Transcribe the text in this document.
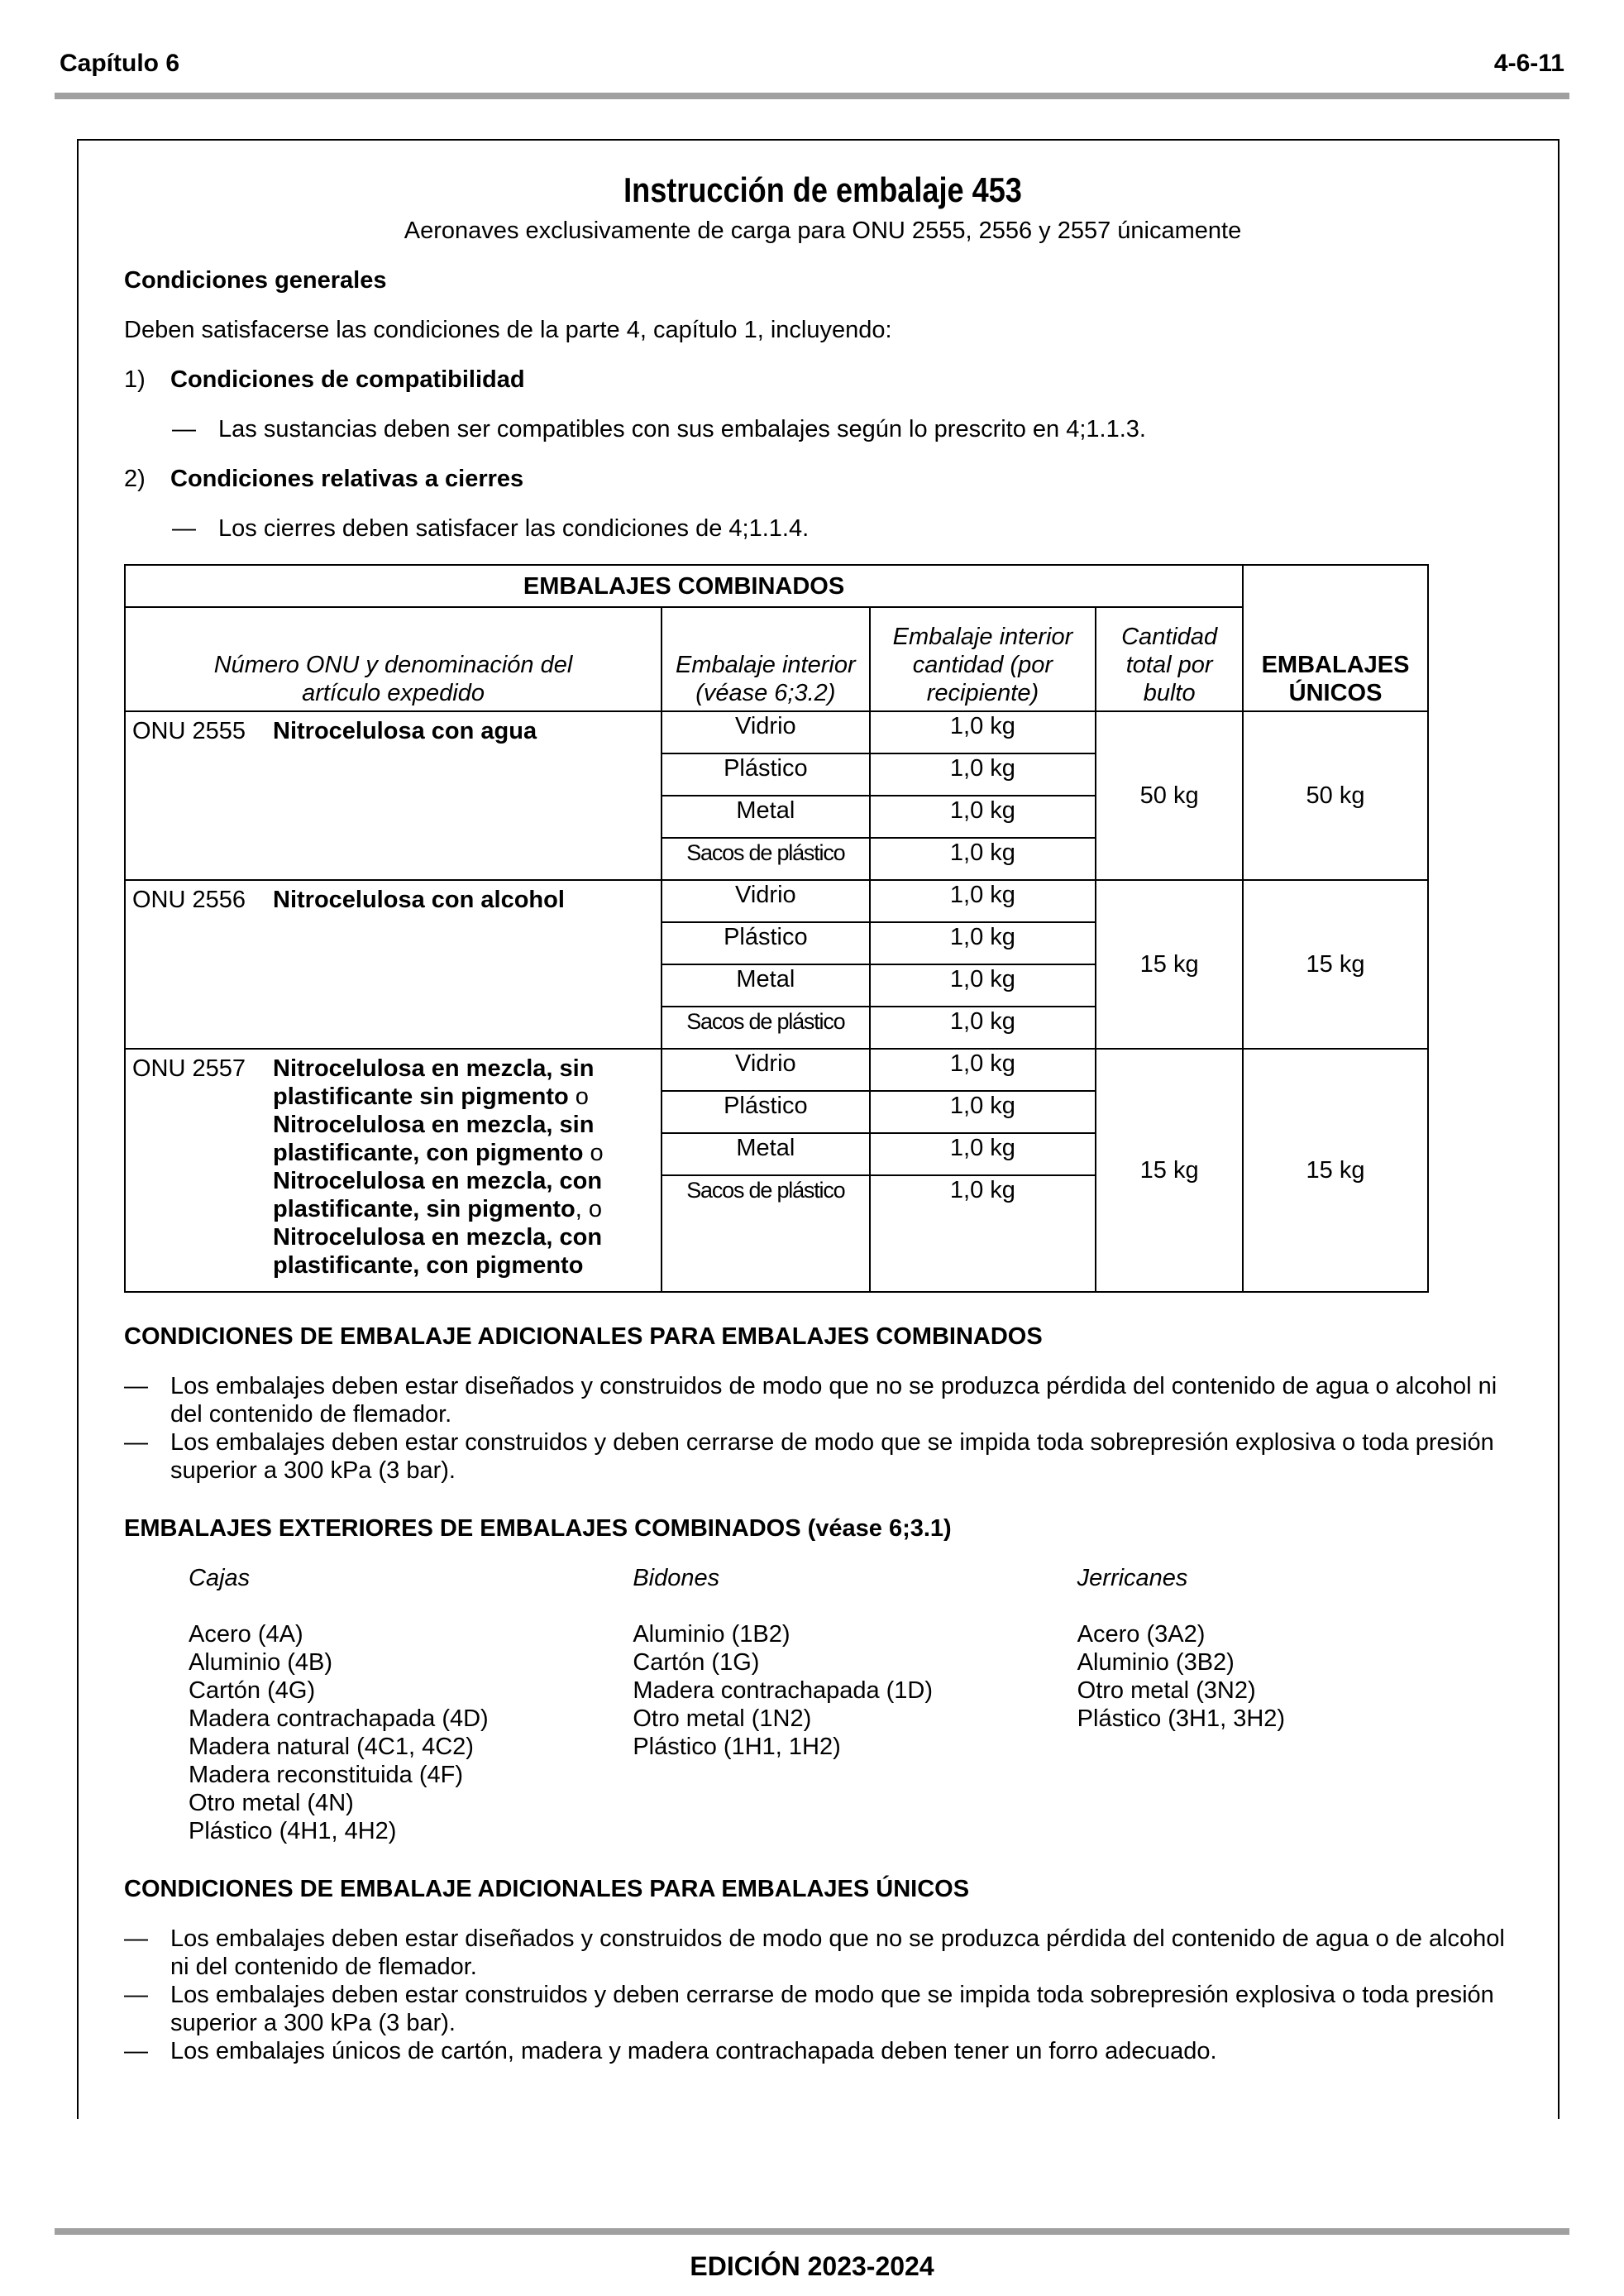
Capítulo 6	4-6-11
Instrucción de embalaje 453
Aeronaves exclusivamente de carga para ONU 2555, 2556 y 2557 únicamente
Condiciones generales
Deben satisfacerse las condiciones de la parte 4, capítulo 1, incluyendo:
1)	Condiciones de compatibilidad
— Las sustancias deben ser compatibles con sus embalajes según lo prescrito en 4;1.1.3.
2)	Condiciones relativas a cierres
— Los cierres deben satisfacer las condiciones de 4;1.1.4.
EMBALAJES COMBINADOS				EMBALAJES ÚNICOS
Número ONU y denominación del artículo expedido	Embalaje interior (véase 6;3.2)	Embalaje interior cantidad (por recipiente)	Cantidad total por bulto	

ONU 2555 Nitrocelulosa con agua	Vidrio	1,0 kg	50 kg	50 kg
	Plástico	1,0 kg		
	Metal	1,0 kg		
	Sacos de plástico	1,0 kg		

ONU 2556 Nitrocelulosa con alcohol	Vidrio	1,0 kg	15 kg	15 kg
	Plástico	1,0 kg		
	Metal	1,0 kg		
	Sacos de plástico	1,0 kg		

ONU 2557 Nitrocelulosa en mezcla, sin plastificante sin pigmento o Nitrocelulosa en mezcla, sin plastificante, con pigmento o Nitrocelulosa en mezcla, con plastificante, sin pigmento, o Nitrocelulosa en mezcla, con plastificante, con pigmento	Vidrio	1,0 kg	15 kg	15 kg
	Plástico	1,0 kg		
	Metal	1,0 kg		
	Sacos de plástico	1,0 kg		

CONDICIONES DE EMBALAJE ADICIONALES PARA EMBALAJES COMBINADOS
— Los embalajes deben estar diseñados y construidos de modo que no se produzca pérdida del contenido de agua o alcohol ni del contenido de flemador.
— Los embalajes deben estar construidos y deben cerrarse de modo que se impida toda sobrepresión explosiva o toda presión superior a 300 kPa (3 bar).
EMBALAJES EXTERIORES DE EMBALAJES COMBINADOS (véase 6;3.1)
Cajas
Acero (4A)
Aluminio (4B)
Cartón (4G)
Madera contrachapada (4D)
Madera natural (4C1, 4C2)
Madera reconstituida (4F)
Otro metal (4N)
Plástico (4H1, 4H2)
Bidones
Aluminio (1B2)
Cartón (1G)
Madera contrachapada (1D)
Otro metal (1N2)
Plástico (1H1, 1H2)
Jerricanes
Acero (3A2)
Aluminio (3B2)
Otro metal (3N2)
Plástico (3H1, 3H2)
CONDICIONES DE EMBALAJE ADICIONALES PARA EMBALAJES ÚNICOS
— Los embalajes deben estar diseñados y construidos de modo que no se produzca pérdida del contenido de agua o de alcohol ni del contenido de flemador.
— Los embalajes deben estar construidos y deben cerrarse de modo que se impida toda sobrepresión explosiva o toda presión superior a 300 kPa (3 bar).
— Los embalajes únicos de cartón, madera y madera contrachapada deben tener un forro adecuado.
EDICIÓN 2023-2024
